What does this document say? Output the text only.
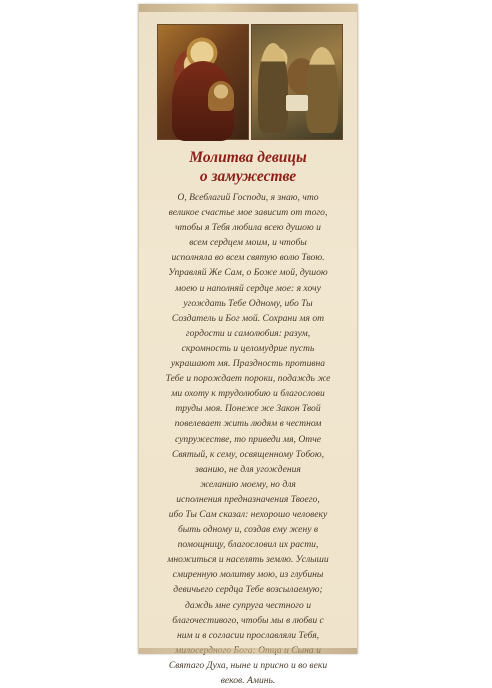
Молитва девицы
о замужестве
О, Всеблагий Господи, я знаю, что
великое счастье мое зависит от того,
чтобы я Тебя любила всею душою и
всем сердцем моим, и чтобы
исполняла во всем святую волю Твою.
Управляй Же Сам, о Боже мой, душою
моею и наполняй сердце мое: я хочу
угождать Тебе Одному, ибо Ты
Создатель и Бог мой. Сохрани мя от
гордости и самолюбия: разум,
скромность и целомудрие пусть
украшают мя. Праздность противна
Тебе и порождает пороки, подаждь же
ми охоту к трудолюбию и благослови
труды моя. Понеже же Закон Твой
повелевает жить людям в честном
супружестве, то приведи мя, Отче
Святый, к сему, освященному Тобою,
званию, не для угождения
желанию моему, но для
исполнения предназначения Твоего,
ибо Ты Сам сказал: нехорошо человеку
быть одному и, создав ему жену в
помощницу, благословил их расти,
множиться и населять землю. Услыши
смиренную молитву мою, из глубины
девичьего сердца Тебе возсылаемую;
даждь мне супруга честного и
благочестивого, чтобы мы в любви с
ним и в согласии прославляли Тебя,
Святаго Духа, ныне и присно и во веки
веков. Аминь.
